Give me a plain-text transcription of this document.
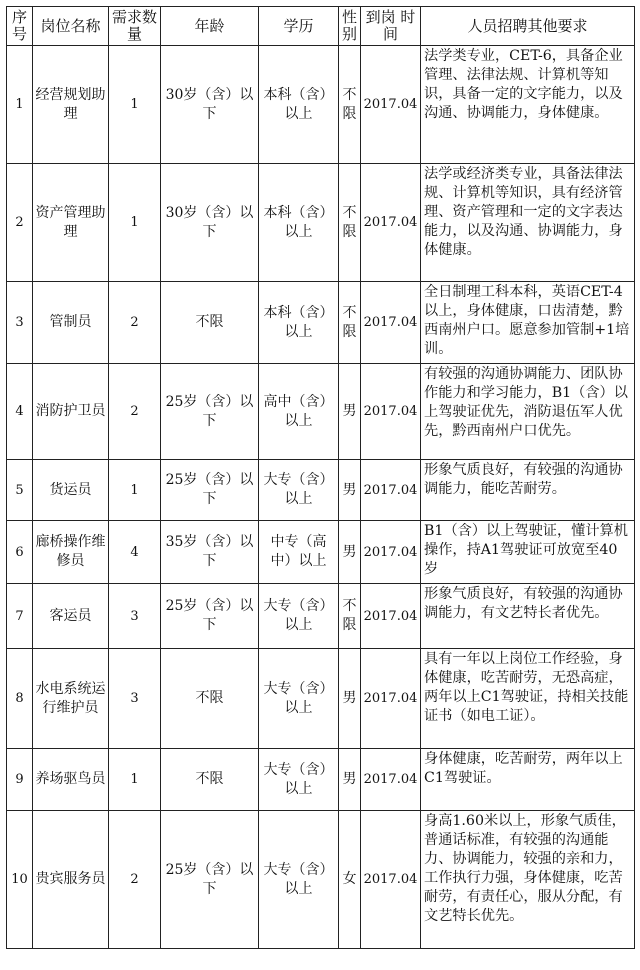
序号	岗位名称	需求数量	年龄	学历	性别	到岗 时间	人员招聘其他要求
1	经营规划助理	1	30岁（含）以下	本科（含）以上	不限	2017.04	法学类专业，CET-6，具备企业管理、法律法规、计算机等知识，具备一定的文字能力，以及沟通、协调能力，身体健康。
2	资产管理助理	1	30岁（含）以下	本科（含）以上	不限	2017.04	法学或经济类专业，具备法律法规、计算机等知识，具有经济管理、资产管理和一定的文字表达能力，以及沟通、协调能力，身体健康。
3	管制员	2	不限	本科（含）以上	不限	2017.04	全日制理工科本科，英语CET-4以上，身体健康，口齿清楚，黔西南州户口。愿意参加管制+1培训。
4	消防护卫员	2	25岁（含）以下	高中（含）以上	男	2017.04	有较强的沟通协调能力、团队协作能力和学习能力，B1（含）以上驾驶证优先，消防退伍军人优先，黔西南州户口优先。
5	货运员	1	25岁（含）以下	大专（含）以上	男	2017.04	形象气质良好，有较强的沟通协调能力，能吃苦耐劳。
6	廊桥操作维修员	4	35岁（含）以下	中专（高中）以上	男	2017.04	B1（含）以上驾驶证，懂计算机操作，持A1驾驶证可放宽至40岁
7	客运员	3	25岁（含）以下	大专（含）以上	不限	2017.04	形象气质良好，有较强的沟通协调能力，有文艺特长者优先。
8	水电系统运行维护员	3	不限	大专（含）以上	男	2017.04	具有一年以上岗位工作经验，身体健康，吃苦耐劳，无恐高症，两年以上C1驾驶证，持相关技能证书（如电工证）。
9	养场驱鸟员	1	不限	大专（含）以上	男	2017.04	身体健康，吃苦耐劳，两年以上C1驾驶证。
10	贵宾服务员	2	25岁（含）以下	大专（含）以上	女	2017.04	身高1.60米以上，形象气质佳，普通话标准，有较强的沟通能力、协调能力，较强的亲和力，工作执行力强，身体健康，吃苦耐劳，有责任心，服从分配，有文艺特长优先。
